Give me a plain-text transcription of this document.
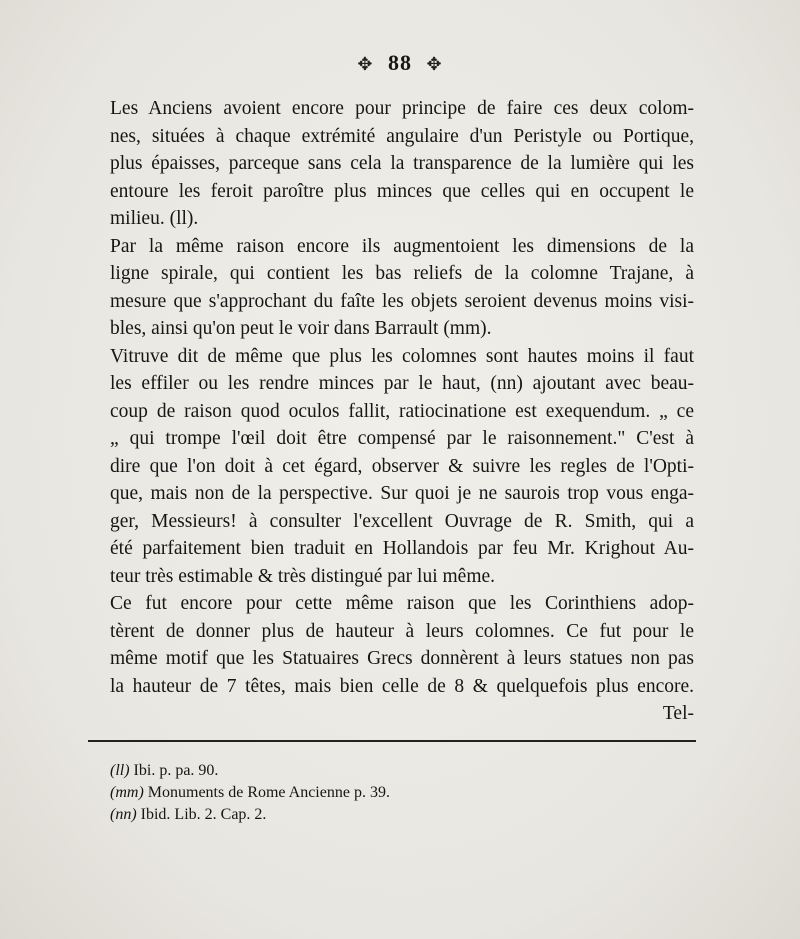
✥ 88 ✥
Les Anciens avoient encore pour principe de faire ces deux colom-
nes, situées à chaque extrémité angulaire d'un Peristyle ou Portique,
plus épaisses, parceque sans cela la transparence de la lumière qui les
entoure les feroit paroître plus minces que celles qui en occupent le
milieu. (ll).
Par la même raison encore ils augmentoient les dimensions de la
ligne spirale, qui contient les bas reliefs de la colomne Trajane, à
mesure que s'approchant du faîte les objets seroient devenus moins visi-
bles, ainsi qu'on peut le voir dans Barrault (mm).
Vitruve dit de même que plus les colomnes sont hautes moins il faut
les effiler ou les rendre minces par le haut, (nn) ajoutant avec beau-
coup de raison quod oculos fallit, ratiocinatione est exequendum. „ ce
„ qui trompe l'œil doit être compensé par le raisonnement." C'est à
dire que l'on doit à cet égard, observer & suivre les regles de l'Opti-
que, mais non de la perspective. Sur quoi je ne saurois trop vous enga-
ger, Messieurs! à consulter l'excellent Ouvrage de R. Smith, qui a
été parfaitement bien traduit en Hollandois par feu Mr. Krighout Au-
teur très estimable & très distingué par lui même.
Ce fut encore pour cette même raison que les Corinthiens adop-
tèrent de donner plus de hauteur à leurs colomnes. Ce fut pour le
même motif que les Statuaires Grecs donnèrent à leurs statues non pas
la hauteur de 7 têtes, mais bien celle de 8 & quelquefois plus encore.
Tel-
(ll) Ibi. p. pa. 90.
(mm) Monuments de Rome Ancienne p. 39.
(nn) Ibid. Lib. 2. Cap. 2.
